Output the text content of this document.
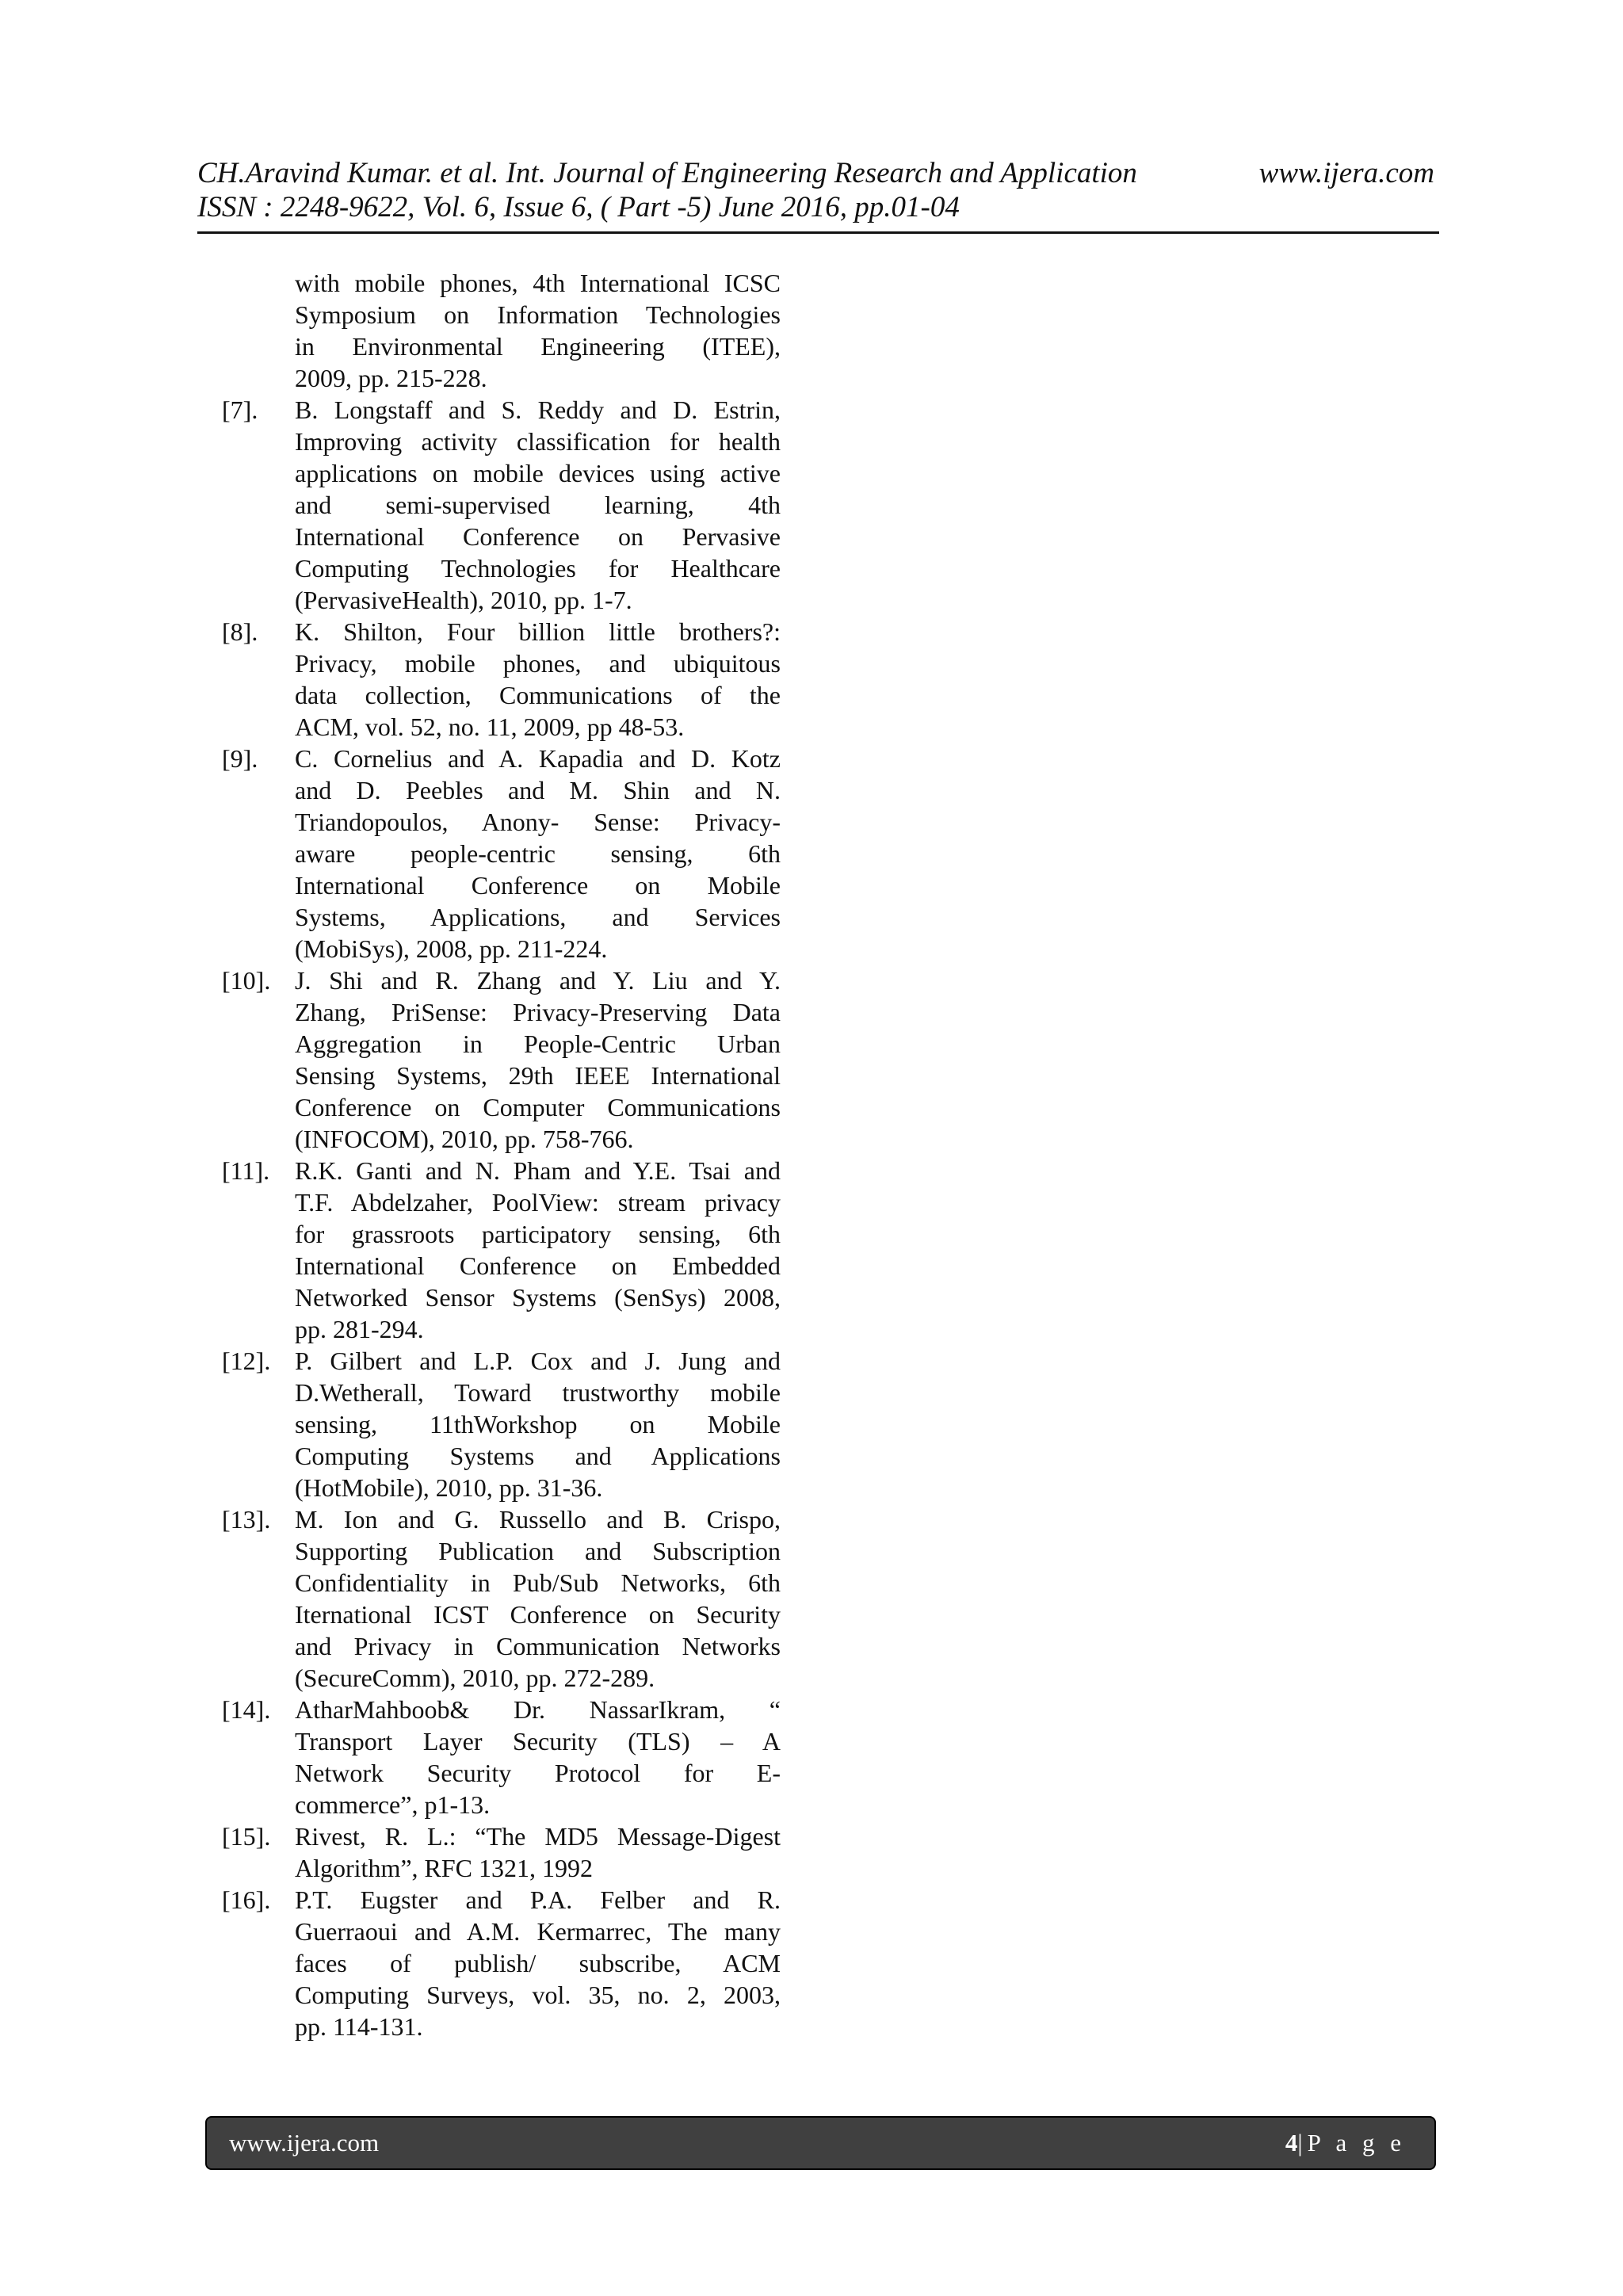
CH.Aravind Kumar. et al. Int. Journal of Engineering Research and Application	www.ijera.com
ISSN : 2248-9622, Vol. 6, Issue 6, ( Part -5) June 2016, pp.01-04
with mobile phones, 4th International ICSC
Symposium on Information Technologies
in Environmental Engineering (ITEE),
2009, pp. 215-228.
[7]. B. Longstaff and S. Reddy and D. Estrin,
Improving activity classification for health
applications on mobile devices using active
and semi-supervised learning, 4th
International Conference on Pervasive
Computing Technologies for Healthcare
(PervasiveHealth), 2010, pp. 1-7.
[8]. K. Shilton, Four billion little brothers?:
Privacy, mobile phones, and ubiquitous
data collection, Communications of the
ACM, vol. 52, no. 11, 2009, pp 48-53.
[9]. C. Cornelius and A. Kapadia and D. Kotz
and D. Peebles and M. Shin and N.
Triandopoulos, Anony- Sense: Privacy-
aware people-centric sensing, 6th
International Conference on Mobile
Systems, Applications, and Services
(MobiSys), 2008, pp. 211-224.
[10]. J. Shi and R. Zhang and Y. Liu and Y.
Zhang, PriSense: Privacy-Preserving Data
Aggregation in People-Centric Urban
Sensing Systems, 29th IEEE International
Conference on Computer Communications
(INFOCOM), 2010, pp. 758-766.
[11]. R.K. Ganti and N. Pham and Y.E. Tsai and
T.F. Abdelzaher, PoolView: stream privacy
for grassroots participatory sensing, 6th
International Conference on Embedded
Networked Sensor Systems (SenSys) 2008,
pp. 281-294.
[12]. P. Gilbert and L.P. Cox and J. Jung and
D.Wetherall, Toward trustworthy mobile
sensing, 11thWorkshop on Mobile
Computing Systems and Applications
(HotMobile), 2010, pp. 31-36.
[13]. M. Ion and G. Russello and B. Crispo,
Supporting Publication and Subscription
Confidentiality in Pub/Sub Networks, 6th
Iternational ICST Conference on Security
and Privacy in Communication Networks
(SecureComm), 2010, pp. 272-289.
[14]. AtharMahboob& Dr. NassarIkram, “
Transport Layer Security (TLS) – A
Network Security Protocol for E-
commerce”, p1-13.
[15]. Rivest, R. L.: “The MD5 Message-Digest
Algorithm”, RFC 1321, 1992
[16]. P.T. Eugster and P.A. Felber and R.
Guerraoui and A.M. Kermarrec, The many
faces of publish/ subscribe, ACM
Computing Surveys, vol. 35, no. 2, 2003,
pp. 114-131.
www.ijera.com	4|P a g e
